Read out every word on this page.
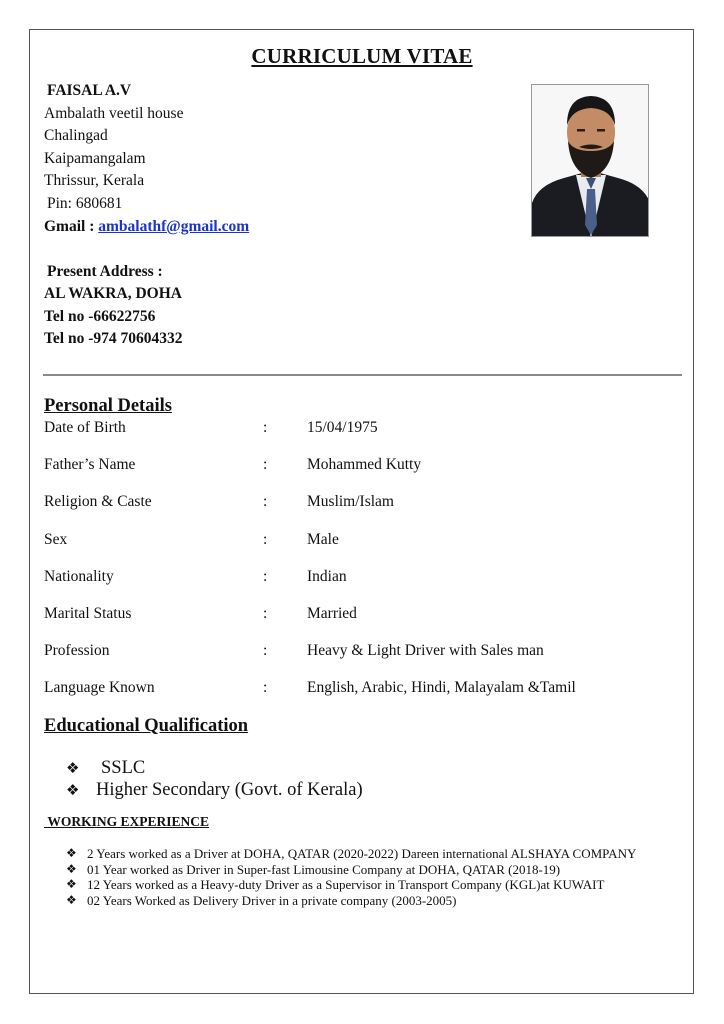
CURRICULUM VITAE
FAISAL A.V
Ambalath veetil house
Chalingad
Kaipamangalam
Thrissur, Kerala
Pin: 680681
Gmail : ambalathf@gmail.com
Present Address :
AL WAKRA, DOHA
Tel no -66622756
Tel no -974 70604332
Personal Details
Date of Birth	:	15/04/1975
Father’s Name	:	Mohammed Kutty
Religion & Caste	:	Muslim/Islam
Sex	:	Male
Nationality	:	Indian
Marital Status	:	Married
Profession	:	Heavy & Light Driver with Sales man
Language Known	:	English, Arabic, Hindi, Malayalam &Tamil
Educational Qualification
❖ SSLC
❖ Higher Secondary (Govt. of Kerala)
WORKING EXPERIENCE
❖ 2 Years worked as a Driver at DOHA, QATAR (2020-2022) Dareen international ALSHAYA COMPANY
❖ 01 Year worked as Driver in Super-fast Limousine Company at DOHA, QATAR (2018-19)
❖ 12 Years worked as a Heavy-duty Driver as a Supervisor in Transport Company (KGL)at KUWAIT
❖ 02 Years Worked as Delivery Driver in a private company (2003-2005)
